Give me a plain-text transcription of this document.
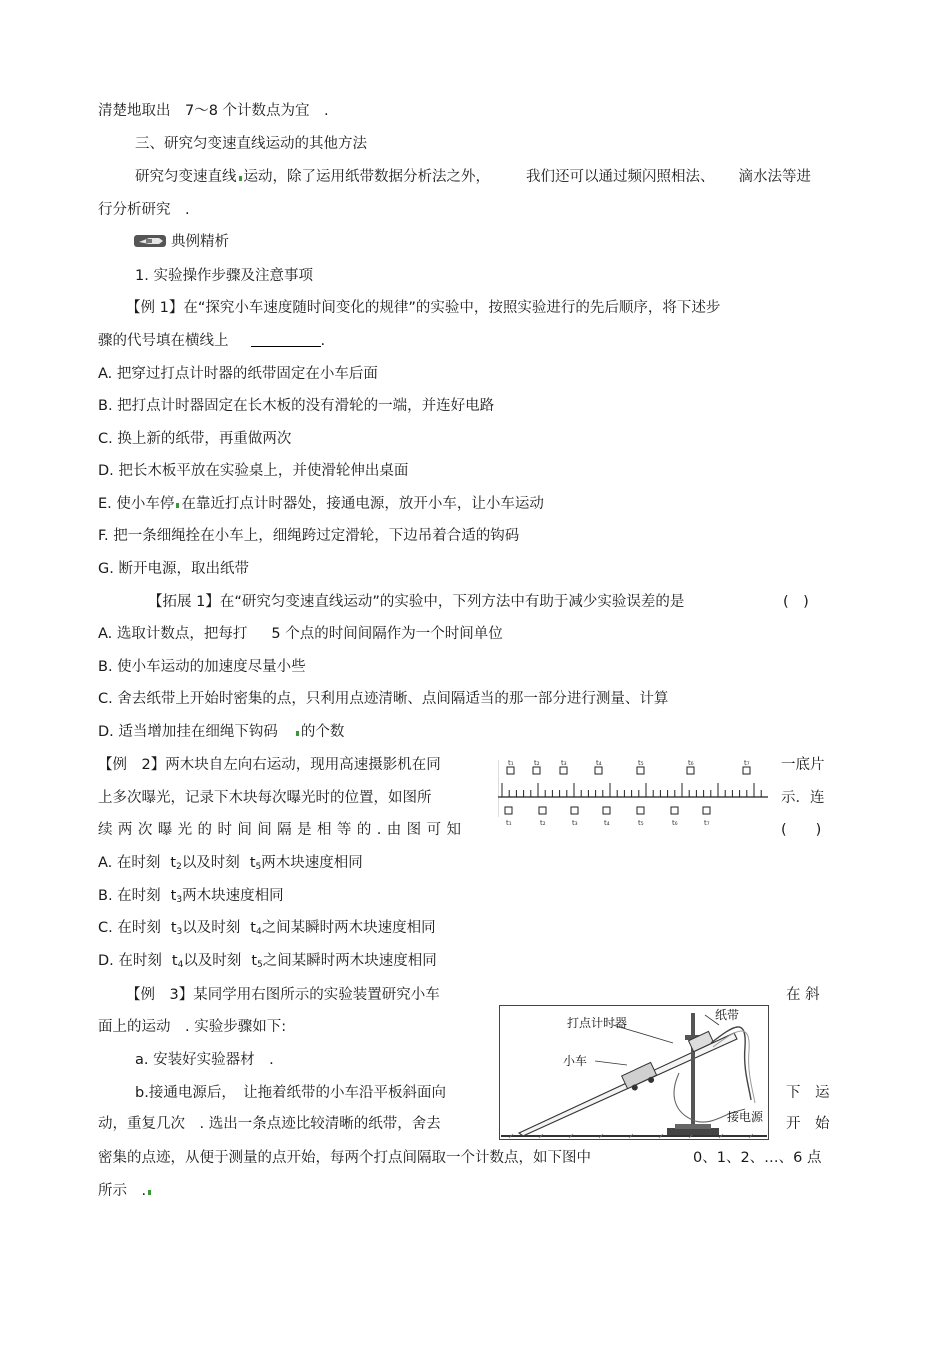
清楚地取出　7～8 个计数点为宜　.
三、研究匀变速直线运动的其他方法
研究匀变速直线 运动，除了运用纸带数据分析法之外， 我们还可以通过频闪照相法、 滴水法等进
行分析研究　.
典例精析
1. 实验操作步骤及注意事项
【例 1】在“探究小车速度随时间变化的规律”的实验中，按照实验进行的先后顺序，将下述步
骤的代号填在横线上	.
A. 把穿过打点计时器的纸带固定在小车后面
B. 把打点计时器固定在长木板的没有滑轮的一端，并连好电路
C. 换上新的纸带，再重做两次
D. 把长木板平放在实验桌上，并使滑轮伸出桌面
E. 使小车停 在靠近打点计时器处，接通电源，放开小车，让小车运动
F. 把一条细绳拴在小车上，细绳跨过定滑轮，下边吊着合适的钩码
G. 断开电源，取出纸带
【拓展 1】在“研究匀变速直线运动”的实验中，下列方法中有助于减少实验误差的是	(　)
A. 选取计数点，把每打 5 个点的时间间隔作为一个时间单位
B. 使小车运动的加速度尽量小些
C. 舍去纸带上开始时密集的点，只利用点迹清晰、点间隔适当的那一部分进行测量、计算
D. 适当增加挂在细绳下钩码 的个数
【例　2】两木块自左向右运动，现用高速摄影机在同	一底片
上多次曝光，记录下木块每次曝光时的位置，如图所	示．连
续 两 次 曝 光 的 时 间 间 隔 是 相 等 的 . 由 图 可 知	(　　)
t₁	t₂	t₃	t₄	t₅	t₆	t₇
t₁	t₂	t₃	t₄	t₅	t₆	t₇
A. 在时刻 $t_2$以及时刻 $t_5$两木块速度相同
B. 在时刻 $t_3$两木块速度相同
C. 在时刻 $t_3$以及时刻 $t_4$之间某瞬时两木块速度相同
D. 在时刻 $t_4$以及时刻 $t_5$之间某瞬时两木块速度相同
【例　3】某同学用右图所示的实验装置研究小车	在 斜
面上的运动　. 实验步骤如下:
a. 安装好实验器材　.
b.接通电源后，　让拖着纸带的小车沿平板斜面向	下　运
动，重复几次　. 选出一条点迹比较清晰的纸带，舍去	开　始
密集的点迹，从便于测量的点开始，每两个打点间隔取一个计数点，如下图中	0、1、2、…、6 点
所示　.
打点计时器
纸带
小车
接电源
